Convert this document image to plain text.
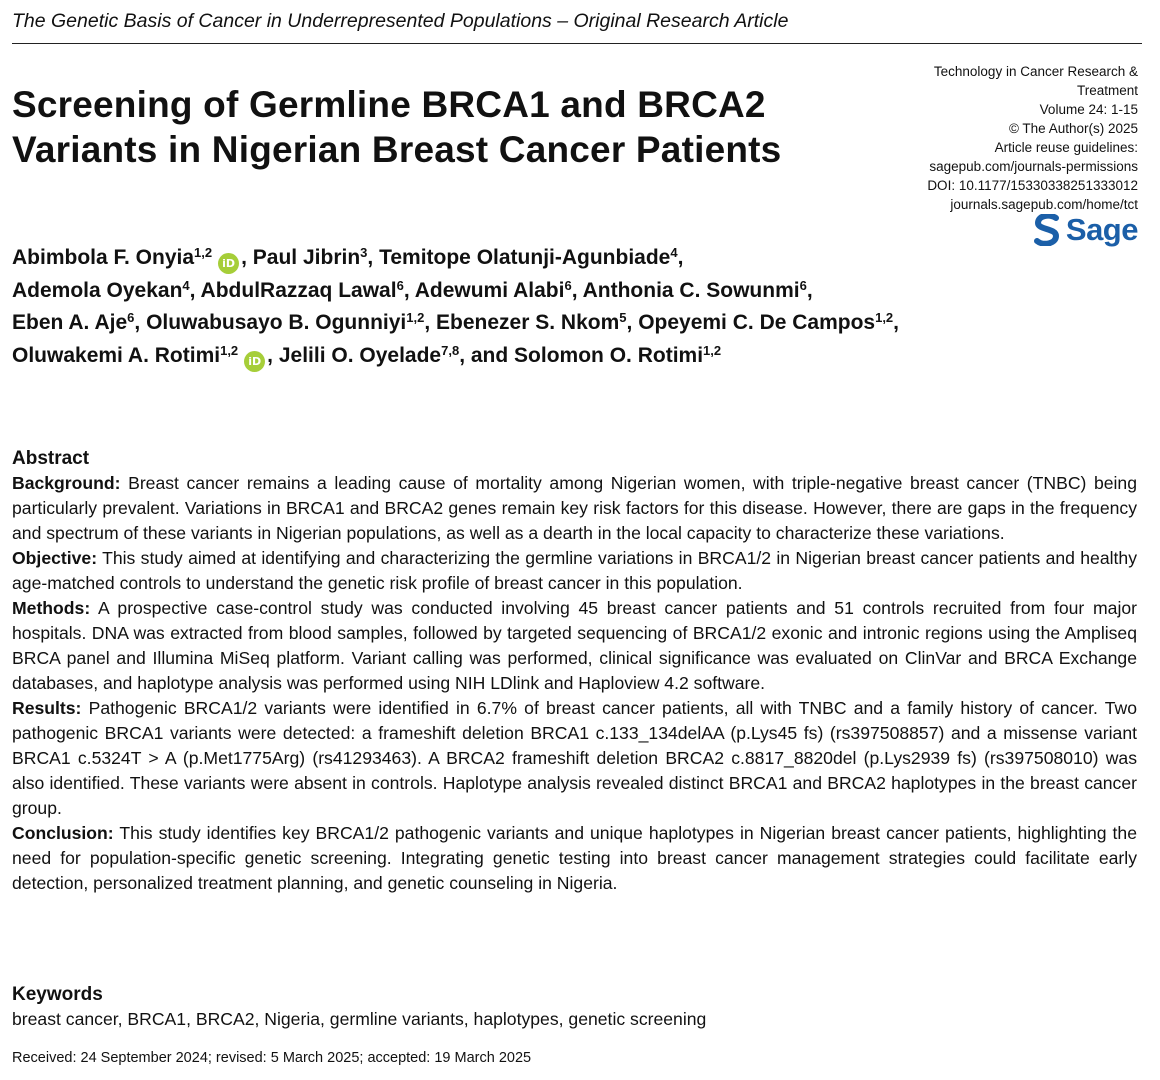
The Genetic Basis of Cancer in Underrepresented Populations – Original Research Article
Screening of Germline BRCA1 and BRCA2
Variants in Nigerian Breast Cancer Patients
Technology in Cancer Research & Treatment
Volume 24: 1-15
© The Author(s) 2025
Article reuse guidelines:
sagepub.com/journals-permissions
DOI: 10.1177/15330338251333012
journals.sagepub.com/home/tct
Sage
Abimbola F. Onyia$^{1,2}$iD , Paul Jibrin$^3$, Temitope Olatunji-Agunbiade$^4$,
Ademola Oyekan$^4$, AbdulRazzaq Lawal$^6$, Adewumi Alabi$^6$, Anthonia C. Sowunmi$^6$,
Eben A. Aje$^6$, Oluwabusayo B. Ogunniyi$^{1,2}$, Ebenezer S. Nkom$^5$, Opeyemi C. De Campos$^{1,2}$,
Oluwakemi A. Rotimi$^{1,2}$iD , Jelili O. Oyelade$^{7,8}$, and Solomon O. Rotimi$^{1,2}$
Abstract

Background: Breast cancer remains a leading cause of mortality among Nigerian women, with triple-negative breast cancer (TNBC) being particularly prevalent. Variations in BRCA1 and BRCA2 genes remain key risk factors for this disease. However, there are gaps in the frequency and spectrum of these variants in Nigerian populations, as well as a dearth in the local capacity to characterize these variations.

Objective: This study aimed at identifying and characterizing the germline variations in BRCA1/2 in Nigerian breast cancer patients and healthy age-matched controls to understand the genetic risk profile of breast cancer in this population.

Methods: A prospective case-control study was conducted involving 45 breast cancer patients and 51 controls recruited from four major hospitals. DNA was extracted from blood samples, followed by targeted sequencing of BRCA1/2 exonic and intronic regions using the Ampliseq BRCA panel and Illumina MiSeq platform. Variant calling was performed, clinical significance was evaluated on ClinVar and BRCA Exchange databases, and haplotype analysis was performed using NIH LDlink and Haploview 4.2 software.

Results: Pathogenic BRCA1/2 variants were identified in 6.7% of breast cancer patients, all with TNBC and a family history of cancer. Two pathogenic BRCA1 variants were detected: a frameshift deletion BRCA1 c.133_134delAA (p.Lys45 fs) (rs397508857) and a missense variant BRCA1 c.5324T > A (p.Met1775Arg) (rs41293463). A BRCA2 frameshift deletion BRCA2 c.8817_8820del (p.Lys2939 fs) (rs397508010) was also identified. These variants were absent in controls. Haplotype analysis revealed distinct BRCA1 and BRCA2 haplotypes in the breast cancer group.

Conclusion: This study identifies key BRCA1/2 pathogenic variants and unique haplotypes in Nigerian breast cancer patients, highlighting the need for population-specific genetic screening. Integrating genetic testing into breast cancer management strategies could facilitate early detection, personalized treatment planning, and genetic counseling in Nigeria.

Keywords
breast cancer, BRCA1, BRCA2, Nigeria, germline variants, haplotypes, genetic screening
Received: 24 September 2024; revised: 5 March 2025; accepted: 19 March 2025
